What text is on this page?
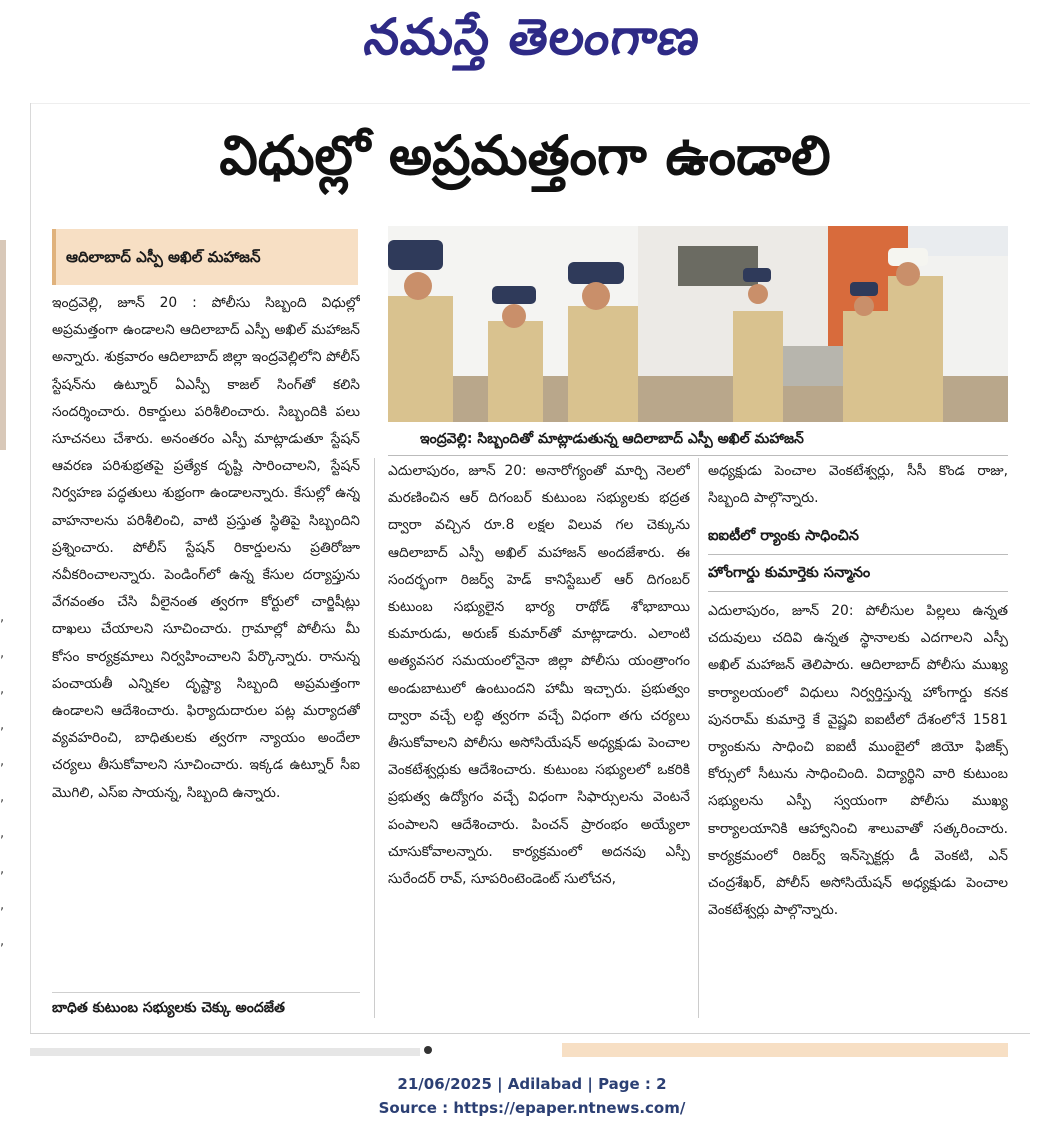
నమస్తే తెలంగాణ
,
,
,
,
,
,
,
,
,
,

విధుల్లో అప్రమత్తంగా ఉండాలి
ఆదిలాబాద్ ఎస్పీ అఖిల్ మహాజన్
ఇంద్రవెల్లి: సిబ్బందితో మాట్లాడుతున్న ఆదిలాబాద్ ఎస్పీ అఖిల్ మహాజన్

ఇంద్రవెల్లి, జూన్ 20 : పోలీసు సిబ్బంది విధుల్లో అప్రమత్తంగా ఉండాలని ఆదిలాబాద్ ఎస్పీ అఖిల్ మహాజన్ అన్నారు. శుక్రవారం ఆదిలాబాద్ జిల్లా ఇంద్రవెల్లిలోని పోలీస్ స్టేషన్‌ను ఉట్నూర్ ఏఎస్పీ కాజల్ సింగ్‌తో కలిసి సందర్శించారు. రికార్డులు పరిశీలించారు. సిబ్బందికి పలు సూచనలు చేశారు. అనంతరం ఎస్పీ మాట్లాడుతూ స్టేషన్ ఆవరణ పరిశుభ్రతపై ప్రత్యేక దృష్టి సారించాలని, స్టేషన్ నిర్వహణ పద్ధతులు శుభ్రంగా ఉండాలన్నారు. కేసుల్లో ఉన్న వాహనాలను పరిశీలించి, వాటి ప్రస్తుత స్థితిపై సిబ్బందిని ప్రశ్నించారు. పోలీస్ స్టేషన్ రికార్డులను ప్రతిరోజూ నవీకరించాలన్నారు. పెండింగ్‌లో ఉన్న కేసుల దర్యాప్తును వేగవంతం చేసి వీలైనంత త్వరగా కోర్టులో చార్జిషీట్లు దాఖలు చేయాలని సూచించారు. గ్రామాల్లో పోలీసు మీ కోసం కార్యక్రమాలు నిర్వహించాలని పేర్కొన్నారు. రానున్న పంచాయతీ ఎన్నికల దృష్ట్యా సిబ్బంది అప్రమత్తంగా ఉండాలని ఆదేశించారు. ఫిర్యాదుదారుల పట్ల మర్యాదతో వ్యవహరించి, బాధితులకు త్వరగా న్యాయం అందేలా చర్యలు తీసుకోవాలని సూచించారు. ఇక్కడ ఉట్నూర్ సీఐ మొగిలి, ఎస్ఐ సాయన్న, సిబ్బంది ఉన్నారు.

బాధిత కుటుంబ సభ్యులకు చెక్కు అందజేత

ఎదులాపురం, జూన్ 20: అనారోగ్యంతో మార్చి నెలలో మరణించిన ఆర్ దిగంబర్ కుటుంబ సభ్యులకు భద్రత ద్వారా వచ్చిన రూ.8 లక్షల విలువ గల చెక్కును ఆదిలాబాద్ ఎస్పీ అఖిల్ మహాజన్ అందజేశారు. ఈ సందర్భంగా రిజర్వ్ హెడ్ కానిస్టేబుల్ ఆర్ దిగంబర్ కుటుంబ సభ్యులైన భార్య రాథోడ్ శోభాబాయి కుమారుడు, అరుణ్ కుమార్‌తో మాట్లాడారు. ఎలాంటి అత్యవసర సమయంలోనైనా జిల్లా పోలీసు యంత్రాంగం అండుబాటులో ఉంటుందని హామీ ఇచ్చారు. ప్రభుత్వం ద్వారా వచ్చే లబ్ధి త్వరగా వచ్చే విధంగా తగు చర్యలు తీసుకోవాలని పోలీసు అసోసియేషన్ అధ్యక్షుడు పెంచాల వెంకటేశ్వర్లుకు ఆదేశించారు. కుటుంబ సభ్యులలో ఒకరికి ప్రభుత్వ ఉద్యోగం వచ్చే విధంగా సిఫార్సులను వెంటనే పంపాలని ఆదేశించారు. పించన్ ప్రారంభం అయ్యేలా చూసుకోవాలన్నారు. కార్యక్రమంలో అదనపు ఎస్పీ సురేందర్ రావ్, సూపరింటెండెంట్ సులోచన,

అధ్యక్షుడు పెంచాల వెంకటేశ్వర్లు, సీసీ కొండ రాజు, సిబ్బంది పాల్గొన్నారు.

ఐఐటీలో ర్యాంకు సాధించిన
హోంగార్డు కుమార్తెకు సన్మానం

ఎదులాపురం, జూన్ 20: పోలీసుల పిల్లలు ఉన్నత చదువులు చదివి ఉన్నత స్థానాలకు ఎదగాలని ఎస్పీ అఖిల్ మహాజన్ తెలిపారు. ఆదిలాబాద్ పోలీసు ముఖ్య కార్యాలయంలో విధులు నిర్వర్తిస్తున్న హోంగార్డు కనక పునరామ్ కుమార్తె కే వైష్ణవి ఐఐటీలో దేశంలోనే 1581 ర్యాంకును సాధించి ఐఐటీ ముంబైలో జియో ఫిజిక్స్ కోర్సులో సీటును సాధించింది. విద్యార్థిని వారి కుటుంబ సభ్యులను ఎస్పీ స్వయంగా పోలీసు ముఖ్య కార్యాలయానికి ఆహ్వానించి శాలువాతో సత్కరించారు. కార్యక్రమంలో రిజర్వ్ ఇన్‌స్పెక్టర్లు డీ వెంకటి, ఎన్ చంద్రశేఖర్, పోలీస్ అసోసియేషన్ అధ్యక్షుడు పెంచాల వెంకటేశ్వర్లు పాల్గొన్నారు.

21/06/2025 | Adilabad | Page : 2
Source : https://epaper.ntnews.com/
